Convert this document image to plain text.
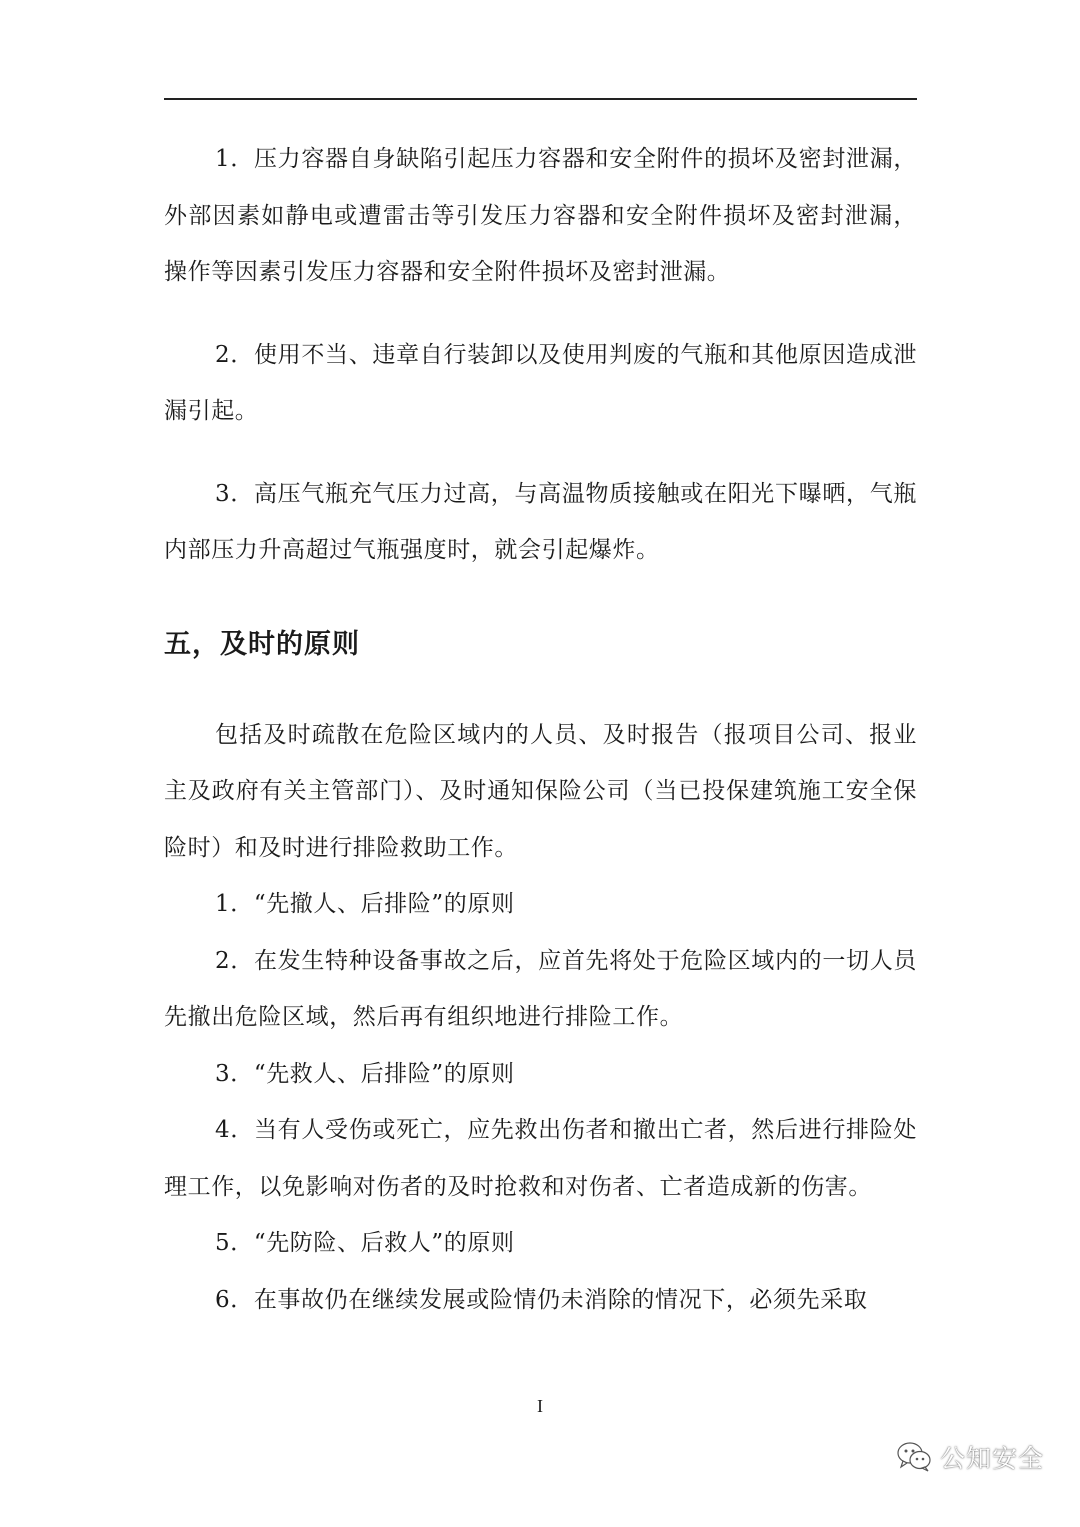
1．压力容器自身缺陷引起压力容器和安全附件的损坏及密封泄漏，外部因素如静电或遭雷击等引发压力容器和安全附件损坏及密封泄漏，操作等因素引发压力容器和安全附件损坏及密封泄漏。

2．使用不当、违章自行装卸以及使用判废的气瓶和其他原因造成泄漏引起。

3．高压气瓶充气压力过高，与高温物质接触或在阳光下曝晒，气瓶内部压力升高超过气瓶强度时，就会引起爆炸。

五，及时的原则

包括及时疏散在危险区域内的人员、及时报告（报项目公司、报业主及政府有关主管部门）、及时通知保险公司（当已投保建筑施工安全保险时）和及时进行排险救助工作。

1．“先撤人、后排险”的原则

2．在发生特种设备事故之后，应首先将处于危险区域内的一切人员先撤出危险区域，然后再有组织地进行排险工作。

3．“先救人、后排险”的原则

4．当有人受伤或死亡，应先救出伤者和撤出亡者，然后进行排险处理工作，以免影响对伤者的及时抢救和对伤者、亡者造成新的伤害。

5．“先防险、后救人”的原则

6．在事故仍在继续发展或险情仍未消除的情况下，必须先采取

I
公知安全
